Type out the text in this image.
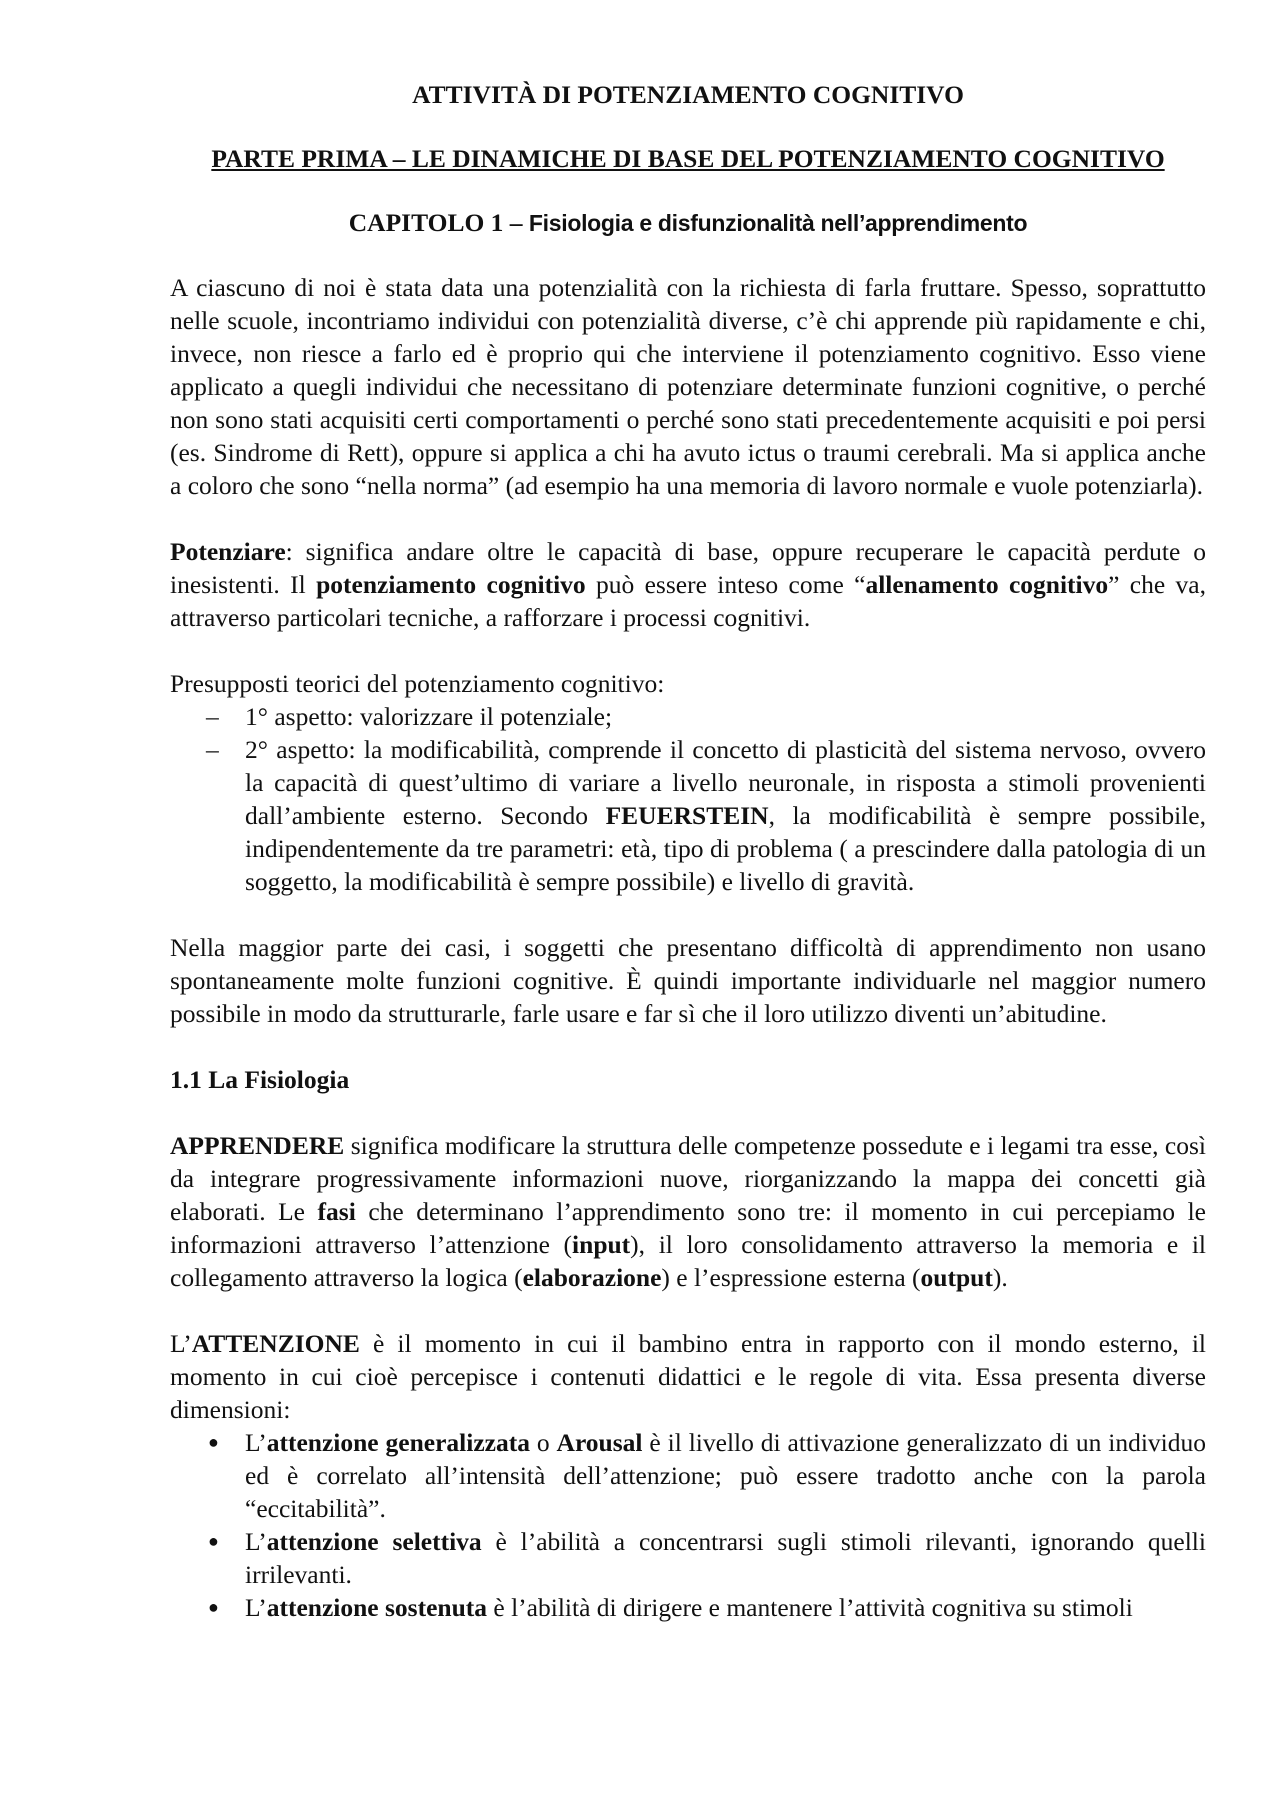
ATTIVITÀ DI POTENZIAMENTO COGNITIVO
PARTE PRIMA – LE DINAMICHE DI BASE DEL POTENZIAMENTO COGNITIVO
CAPITOLO 1 – Fisiologia e disfunzionalità nell’apprendimento

A ciascuno di noi è stata data una potenzialità con la richiesta di farla fruttare. Spesso, soprattutto nelle scuole, incontriamo individui con potenzialità diverse, c’è chi apprende più rapidamente e chi, invece, non riesce a farlo ed è proprio qui che interviene il potenziamento cognitivo. Esso viene applicato a quegli individui che necessitano di potenziare determinate funzioni cognitive, o perché non sono stati acquisiti certi comportamenti o perché sono stati precedentemente acquisiti e poi persi (es. Sindrome di Rett), oppure si applica a chi ha avuto ictus o traumi cerebrali. Ma si applica anche a coloro che sono “nella norma” (ad esempio ha una memoria di lavoro normale e vuole potenziarla).

Potenziare: significa andare oltre le capacità di base, oppure recuperare le capacità perdute o inesistenti. Il potenziamento cognitivo può essere inteso come “allenamento cognitivo” che va, attraverso particolari tecniche, a rafforzare i processi cognitivi.

Presupposti teorici del potenziamento cognitivo:

– 1° aspetto: valorizzare il potenziale;
– 2° aspetto: la modificabilità, comprende il concetto di plasticità del sistema nervoso, ovvero la capacità di quest’ultimo di variare a livello neuronale, in risposta a stimoli provenienti dall’ambiente esterno. Secondo FEUERSTEIN, la modificabilità è sempre possibile, indipendentemente da tre parametri: età, tipo di problema ( a prescindere dalla patologia di un soggetto, la modificabilità è sempre possibile) e livello di gravità.

Nella maggior parte dei casi, i soggetti che presentano difficoltà di apprendimento non usano spontaneamente molte funzioni cognitive. È quindi importante individuarle nel maggior numero possibile in modo da strutturarle, farle usare e far sì che il loro utilizzo diventi un’abitudine.

1.1 La Fisiologia

APPRENDERE significa modificare la struttura delle competenze possedute e i legami tra esse, così da integrare progressivamente informazioni nuove, riorganizzando la mappa dei concetti già elaborati. Le fasi che determinano l’apprendimento sono tre: il momento in cui percepiamo le informazioni attraverso l’attenzione (input), il loro consolidamento attraverso la memoria e il collegamento attraverso la logica (elaborazione) e l’espressione esterna (output).

L’ATTENZIONE è il momento in cui il bambino entra in rapporto con il mondo esterno, il momento in cui cioè percepisce i contenuti didattici e le regole di vita. Essa presenta diverse dimensioni:

● L’attenzione generalizzata o Arousal è il livello di attivazione generalizzato di un individuo ed è correlato all’intensità dell’attenzione; può essere tradotto anche con la parola “eccitabilità”.
● L’attenzione selettiva è l’abilità a concentrarsi sugli stimoli rilevanti, ignorando quelli irrilevanti.
● L’attenzione sostenuta è l’abilità di dirigere e mantenere l’attività cognitiva su stimoli
